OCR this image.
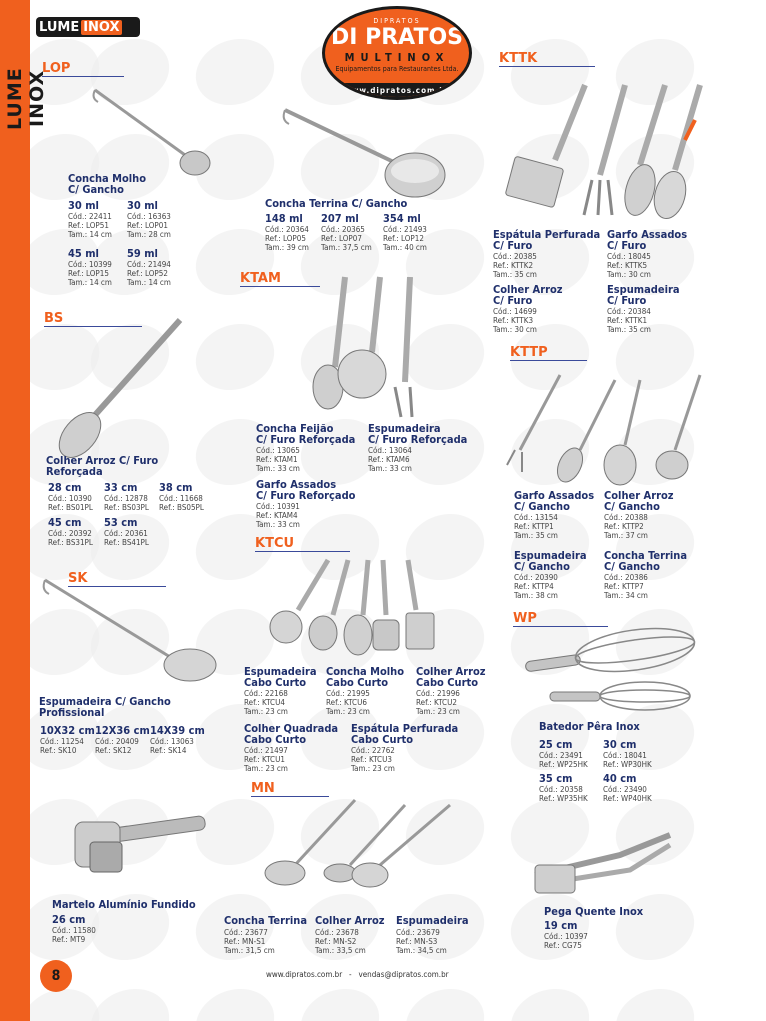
LUME INOX
LUME INOX	DIPRATOS
DI PRATOS
MULTINOX
Equipamentos para Restaurantes Ltda.
www.dipratos.com.br
LOP
BS
SK
KTAM
KTCU
MN
KTTK
KTTP
WP
Concha Molho
C/ Gancho
30 ml
Cód.: 22411
Ref.: LOP51
Tam.: 14 cm
30 ml
Cód.: 16363
Ref.: LOP01
Tam.: 28 cm
45 ml
Cód.: 10399
Ref.: LOP15
Tam.: 14 cm
59 ml
Cód.: 21494
Ref.: LOP52
Tam.: 14 cm
Concha Terrina C/ Gancho
148 ml
Cód.: 20364
Ref.: LOP05
Tam.: 39 cm
207 ml
Cód.: 20365
Ref.: LOP07
Tam.: 37,5 cm
354 ml
Cód.: 21493
Ref.: LOP12
Tam.: 40 cm
Colher Arroz C/ Furo
Reforçada
28 cm
Cód.: 10390
Ref.: BS01PL
33 cm
Cód.: 12878
Ref.: BS03PL
38 cm
Cód.: 11668
Ref.: BS05PL
45 cm
Cód.: 20392
Ref.: BS31PL
53 cm
Cód.: 20361
Ref.: BS41PL
Espumadeira C/ Gancho
Profissional
10X32 cm
Cód.: 11254
Ref.: SK10
12X36 cm
Cód.: 20409
Ref.: SK12
14X39 cm
Cód.: 13063
Ref.: SK14
Martelo Alumínio Fundido
26 cm
Cód.: 11580
Ref.: MT9
Concha Feijão
C/ Furo Reforçada
Cód.: 13065
Ref.: KTAM1
Tam.: 33 cm
Espumadeira
C/ Furo Reforçada
Cód.: 13064
Ref.: KTAM6
Tam.: 33 cm
Garfo Assados
C/ Furo Reforçado
Cód.: 10391
Ref.: KTAM4
Tam.: 33 cm
Espumadeira
Cabo Curto
Cód.: 22168
Ref.: KTCU4
Tam.: 23 cm
Concha Molho
Cabo Curto
Cód.: 21995
Ref.: KTCU6
Tam.: 23 cm
Colher Arroz
Cabo Curto
Cód.: 21996
Ref.: KTCU2
Tam.: 23 cm
Colher Quadrada
Cabo Curto
Cód.: 21497
Ref.: KTCU1
Tam.: 23 cm
Espátula Perfurada
Cabo Curto
Cód.: 22762
Ref.: KTCU3
Tam.: 23 cm
Concha Terrina
Cód.: 23677
Ref.: MN-S1
Tam.: 31,5 cm
Colher Arroz
Cód.: 23678
Ref.: MN-S2
Tam.: 33,5 cm
Espumadeira
Cód.: 23679
Ref.: MN-S3
Tam.: 34,5 cm
Espátula Perfurada
C/ Furo
Cód.: 20385
Ref.: KTTK2
Tam.: 35 cm
Garfo Assados
C/ Furo
Cód.: 18045
Ref.: KTTK5
Tam.: 30 cm
Colher Arroz
C/ Furo
Cód.: 14699
Ref.: KTTK3
Tam.: 30 cm
Espumadeira
C/ Furo
Cód.: 20384
Ref.: KTTK1
Tam.: 35 cm
Garfo Assados
C/ Gancho
Cód.: 13154
Ref.: KTTP1
Tam.: 35 cm
Colher Arroz
C/ Gancho
Cód.: 20388
Ref.: KTTP2
Tam.: 37 cm
Espumadeira
C/ Gancho
Cód.: 20390
Ref.: KTTP4
Tam.: 38 cm
Concha Terrina
C/ Gancho
Cód.: 20386
Ref.: KTTP7
Tam.: 34 cm
Batedor Pêra Inox
25 cm
Cód.: 23491
Ref.: WP25HK
30 cm
Cód.: 18041
Ref.: WP30HK
35 cm
Cód.: 20358
Ref.: WP35HK
40 cm
Cód.: 23490
Ref.: WP40HK
Pega Quente Inox
19 cm
Cód.: 10397
Ref.: CG75
8	www.dipratos.com.br   -   vendas@dipratos.com.br
